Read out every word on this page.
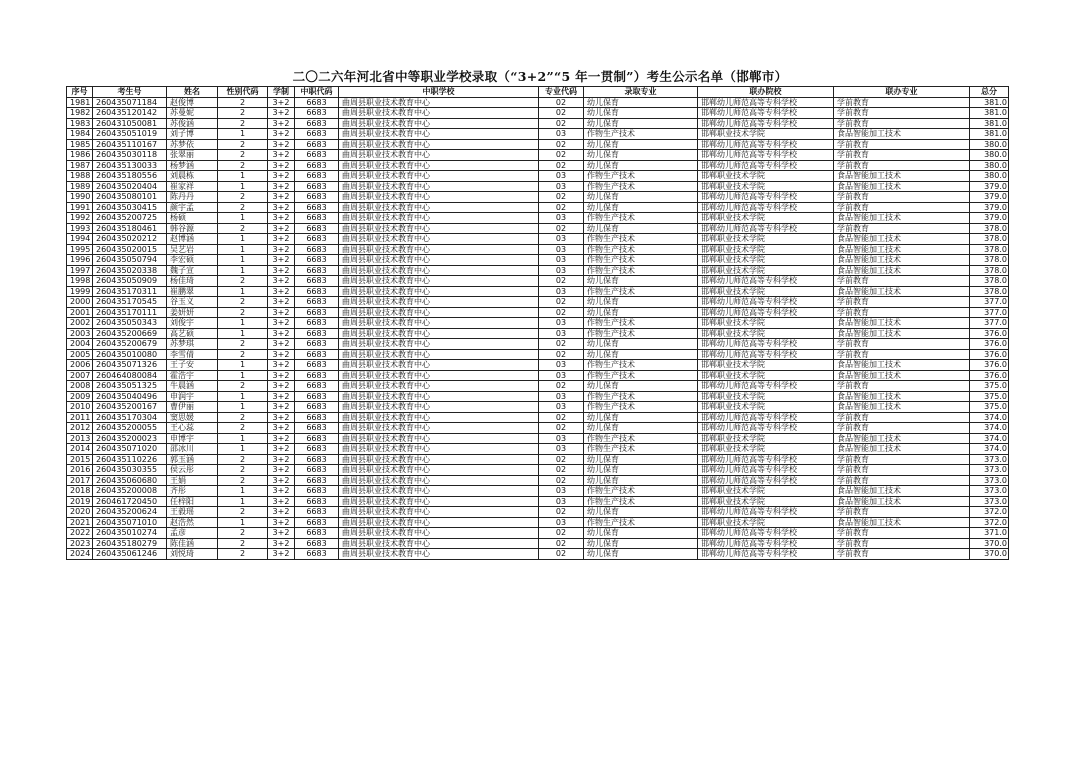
二〇二六年河北省中等职业学校录取（“3+2”“5 年一贯制”）考生公示名单（邯郸市）
序号	考生号	姓名	性别代码	学制	中职代码	中职学校	专业代码	录取专业	联办院校	联办专业	总分
1981	260435071184	赵俊博	2	3+2	6683	曲周县职业技术教育中心	02	幼儿保育	邯郸幼儿师范高等专科学校	学前教育	381.0
1982	260435120142	苏曼妮	2	3+2	6683	曲周县职业技术教育中心	02	幼儿保育	邯郸幼儿师范高等专科学校	学前教育	381.0
1983	260431050081	苏俊涵	2	3+2	6683	曲周县职业技术教育中心	02	幼儿保育	邯郸幼儿师范高等专科学校	学前教育	381.0
1984	260435051019	刘子博	1	3+2	6683	曲周县职业技术教育中心	03	作物生产技术	邯郸职业技术学院	食品智能加工技术	381.0
1985	260435110167	苏梦依	2	3+2	6683	曲周县职业技术教育中心	02	幼儿保育	邯郸幼儿师范高等专科学校	学前教育	380.0
1986	260435030118	张翠丽	2	3+2	6683	曲周县职业技术教育中心	02	幼儿保育	邯郸幼儿师范高等专科学校	学前教育	380.0
1987	260435130033	杨梦涵	2	3+2	6683	曲周县职业技术教育中心	02	幼儿保育	邯郸幼儿师范高等专科学校	学前教育	380.0
1988	260435180556	刘晨栋	1	3+2	6683	曲周县职业技术教育中心	03	作物生产技术	邯郸职业技术学院	食品智能加工技术	380.0
1989	260435020404	崔家祥	1	3+2	6683	曲周县职业技术教育中心	03	作物生产技术	邯郸职业技术学院	食品智能加工技术	379.0
1990	260435080101	陈丹丹	2	3+2	6683	曲周县职业技术教育中心	02	幼儿保育	邯郸幼儿师范高等专科学校	学前教育	379.0
1991	260435030415	颜宇孟	2	3+2	6683	曲周县职业技术教育中心	02	幼儿保育	邯郸幼儿师范高等专科学校	学前教育	379.0
1992	260435200725	杨硕	1	3+2	6683	曲周县职业技术教育中心	03	作物生产技术	邯郸职业技术学院	食品智能加工技术	379.0
1993	260435180461	韩谷源	2	3+2	6683	曲周县职业技术教育中心	02	幼儿保育	邯郸幼儿师范高等专科学校	学前教育	378.0
1994	260435020212	赵博涵	1	3+2	6683	曲周县职业技术教育中心	03	作物生产技术	邯郸职业技术学院	食品智能加工技术	378.0
1995	260435020015	吴艺岩	1	3+2	6683	曲周县职业技术教育中心	03	作物生产技术	邯郸职业技术学院	食品智能加工技术	378.0
1996	260435050794	李宏硕	1	3+2	6683	曲周县职业技术教育中心	03	作物生产技术	邯郸职业技术学院	食品智能加工技术	378.0
1997	260435020338	魏子宣	1	3+2	6683	曲周县职业技术教育中心	03	作物生产技术	邯郸职业技术学院	食品智能加工技术	378.0
1998	260435050909	杨佳琦	2	3+2	6683	曲周县职业技术教育中心	02	幼儿保育	邯郸幼儿师范高等专科学校	学前教育	378.0
1999	260435170311	崔鹏翠	1	3+2	6683	曲周县职业技术教育中心	03	作物生产技术	邯郸职业技术学院	食品智能加工技术	378.0
2000	260435170545	谷玉义	2	3+2	6683	曲周县职业技术教育中心	02	幼儿保育	邯郸幼儿师范高等专科学校	学前教育	377.0
2001	260435170111	姜妍妍	2	3+2	6683	曲周县职业技术教育中心	02	幼儿保育	邯郸幼儿师范高等专科学校	学前教育	377.0
2002	260435050343	刘俊宇	1	3+2	6683	曲周县职业技术教育中心	03	作物生产技术	邯郸职业技术学院	食品智能加工技术	377.0
2003	260435200669	高艺硕	1	3+2	6683	曲周县职业技术教育中心	03	作物生产技术	邯郸职业技术学院	食品智能加工技术	376.0
2004	260435200679	苏梦琪	2	3+2	6683	曲周县职业技术教育中心	02	幼儿保育	邯郸幼儿师范高等专科学校	学前教育	376.0
2005	260435010080	李雪倩	2	3+2	6683	曲周县职业技术教育中心	02	幼儿保育	邯郸幼儿师范高等专科学校	学前教育	376.0
2006	260435071326	王子安	1	3+2	6683	曲周县职业技术教育中心	03	作物生产技术	邯郸职业技术学院	食品智能加工技术	376.0
2007	260464080084	霍浩宇	1	3+2	6683	曲周县职业技术教育中心	03	作物生产技术	邯郸职业技术学院	食品智能加工技术	376.0
2008	260435051325	牛晨涵	2	3+2	6683	曲周县职业技术教育中心	02	幼儿保育	邯郸幼儿师范高等专科学校	学前教育	375.0
2009	260435040496	申润宇	1	3+2	6683	曲周县职业技术教育中心	03	作物生产技术	邯郸职业技术学院	食品智能加工技术	375.0
2010	260435200167	曹伊丽	1	3+2	6683	曲周县职业技术教育中心	03	作物生产技术	邯郸职业技术学院	食品智能加工技术	375.0
2011	260435170304	窦思媛	2	3+2	6683	曲周县职业技术教育中心	02	幼儿保育	邯郸幼儿师范高等专科学校	学前教育	374.0
2012	260435200055	王心蕊	2	3+2	6683	曲周县职业技术教育中心	02	幼儿保育	邯郸幼儿师范高等专科学校	学前教育	374.0
2013	260435200023	申博宇	1	3+2	6683	曲周县职业技术教育中心	03	作物生产技术	邯郸职业技术学院	食品智能加工技术	374.0
2014	260435071020	邵冰川	1	3+2	6683	曲周县职业技术教育中心	03	作物生产技术	邯郸职业技术学院	食品智能加工技术	374.0
2015	260435110226	郭玉涵	2	3+2	6683	曲周县职业技术教育中心	02	幼儿保育	邯郸幼儿师范高等专科学校	学前教育	373.0
2016	260435030355	侯云彤	2	3+2	6683	曲周县职业技术教育中心	02	幼儿保育	邯郸幼儿师范高等专科学校	学前教育	373.0
2017	260435060680	王娟	2	3+2	6683	曲周县职业技术教育中心	02	幼儿保育	邯郸幼儿师范高等专科学校	学前教育	373.0
2018	260435200008	齐彤	1	3+2	6683	曲周县职业技术教育中心	03	作物生产技术	邯郸职业技术学院	食品智能加工技术	373.0
2019	260461720450	任梓阳	1	3+2	6683	曲周县职业技术教育中心	03	作物生产技术	邯郸职业技术学院	食品智能加工技术	373.0
2020	260435200624	王毅瑶	2	3+2	6683	曲周县职业技术教育中心	02	幼儿保育	邯郸幼儿师范高等专科学校	学前教育	372.0
2021	260435071010	赵浩然	1	3+2	6683	曲周县职业技术教育中心	03	作物生产技术	邯郸职业技术学院	食品智能加工技术	372.0
2022	260435010274	孟彦	2	3+2	6683	曲周县职业技术教育中心	02	幼儿保育	邯郸幼儿师范高等专科学校	学前教育	371.0
2023	260435180279	陈佳涵	2	3+2	6683	曲周县职业技术教育中心	02	幼儿保育	邯郸幼儿师范高等专科学校	学前教育	370.0
2024	260435061246	刘悦琦	2	3+2	6683	曲周县职业技术教育中心	02	幼儿保育	邯郸幼儿师范高等专科学校	学前教育	370.0
